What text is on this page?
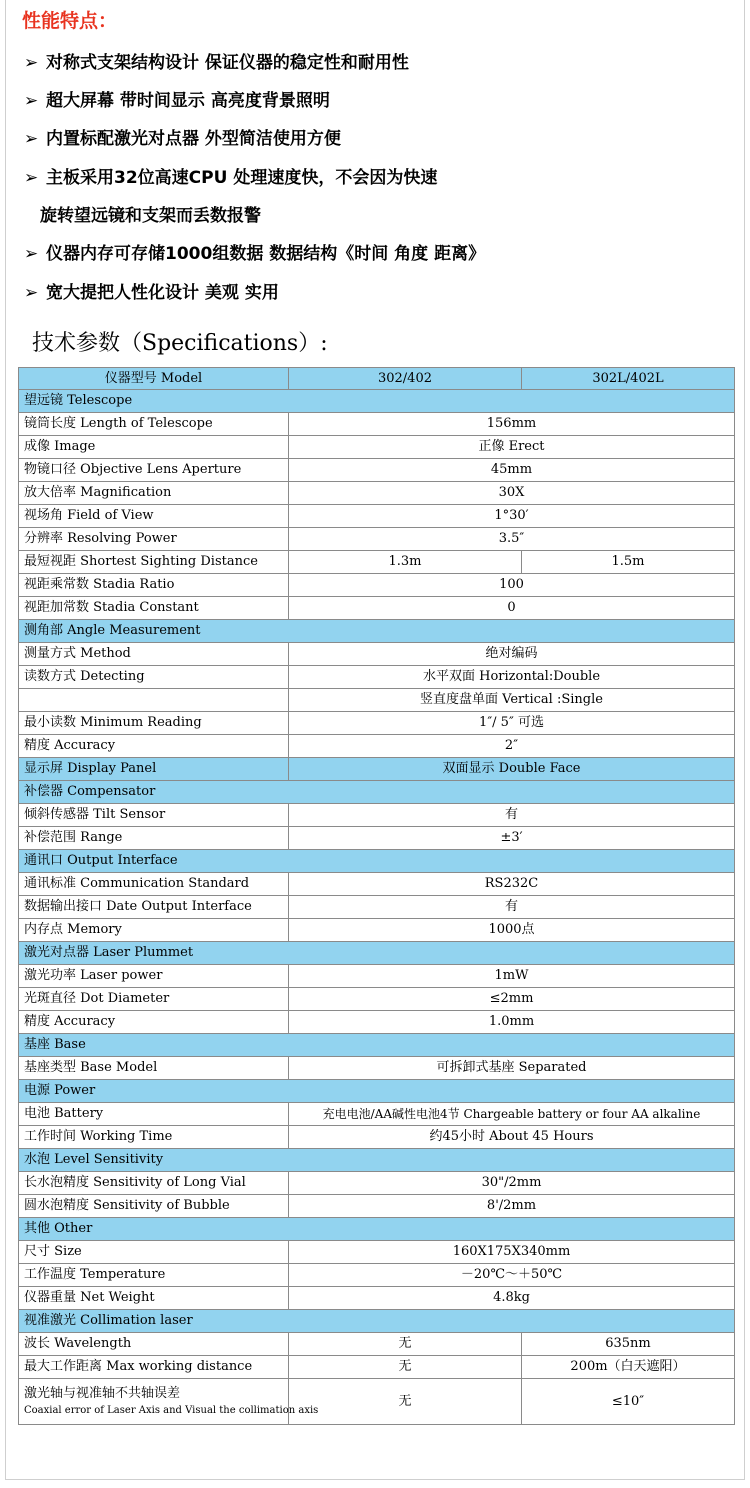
性能特点：
➢ 对称式支架结构设计 保证仪器的稳定性和耐用性
➢ 超大屏幕 带时间显示 高亮度背景照明
➢ 内置标配激光对点器 外型简洁使用方便
➢ 主板采用32位高速CPU 处理速度快，不会因为快速
旋转望远镜和支架而丢数报警
➢ 仪器内存可存储1000组数据 数据结构《时间 角度 距离》
➢ 宽大提把人性化设计 美观 实用
技术参数（Specifications）:
仪器型号 Model	302/402	302L/402L
望远镜 Telescope		
镜筒长度 Length of Telescope	156mm	
成像 Image	正像 Erect	
物镜口径 Objective Lens Aperture	45mm	
放大倍率 Magnification	30X	
视场角 Field of View	1°30′	
分辨率 Resolving Power	3.5″	
最短视距 Shortest Sighting Distance	1.3m	1.5m
视距乘常数 Stadia Ratio	100	
视距加常数 Stadia Constant	0	
测角部 Angle Measurement		
测量方式 Method	绝对编码	
读数方式 Detecting	水平双面 Horizontal:Double	
	竖直度盘单面 Vertical :Single	
最小读数 Minimum Reading	1″/ 5″ 可选	
精度 Accuracy	2″	
显示屏 Display Panel	双面显示 Double Face	
补偿器 Compensator		
倾斜传感器 Tilt Sensor	有	
补偿范围 Range	±3′	
通讯口 Output Interface		
通讯标准 Communication Standard	RS232C	
数据输出接口 Date Output Interface	有	
内存点 Memory	1000点	
激光对点器 Laser Plummet		
激光功率 Laser power	1mW	
光斑直径 Dot Diameter	≤2mm	
精度 Accuracy	1.0mm	
基座 Base		
基座类型 Base Model	可拆卸式基座 Separated	
电源 Power		
电池 Battery	充电电池/AA碱性电池4节 Chargeable battery or four AA alkaline	
工作时间 Working Time	约45小时 About 45 Hours	
水泡 Level Sensitivity		
长水泡精度 Sensitivity of Long Vial	30"/2mm	
圆水泡精度 Sensitivity of Bubble	8'/2mm	
其他 Other		
尺寸 Size	160X175X340mm	
工作温度 Temperature	－20℃～＋50℃	
仪器重量 Net Weight	4.8kg	
视准激光 Collimation laser		
波长 Wavelength	无	635nm
最大工作距离 Max working distance	无	200m（白天遮阳）

激光轴与视准轴不共轴误差
Coaxial error of Laser Axis and Visual the collimation axis	无	≤10″
